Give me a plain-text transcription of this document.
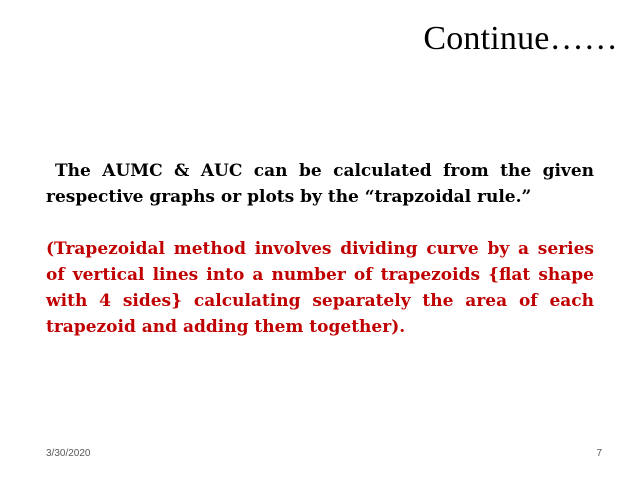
Continue……
The AUMC & AUC can be calculated from the given respective graphs or plots by the “trapzoidal rule.”
(Trapezoidal method involves dividing curve by a series of vertical lines into a number of trapezoids {flat shape with 4 sides} calculating separately the area of each trapezoid and adding them together).
3/30/2020	7
